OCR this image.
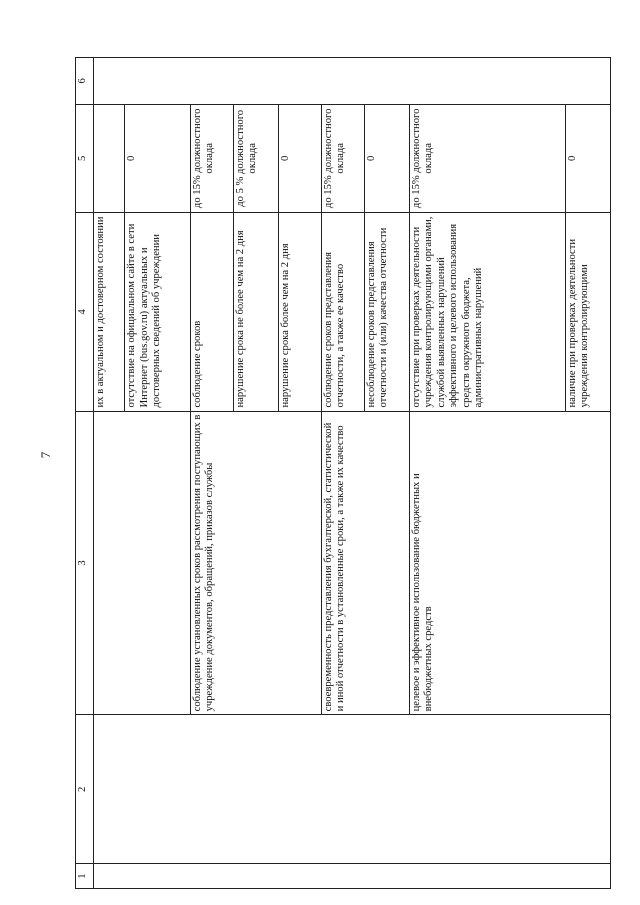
7
1	2	3	4	5	6
			их в актуальном и достоверном состоянии		
			отсутствие на официальном сайте в сети Интернет (bus.gov.ru) актуальных и достоверных сведений об учреждении	0	
		соблюдение установленных сроков рассмотрения поступающих в учреждение документов, обращений, приказов службы	соблюдение сроков	до 15% должностного оклада	
			нарушение срока не более чем на 2 дня	до 5 % должностного оклада	
			нарушение срока более чем на 2 дня	0	
		своевременность представления бухгалтерской, статистической и иной отчетности в установленные сроки, а также их качество	соблюдение сроков представления отчетности, а также ее качество	до 15% должностного оклада	
			несоблюдение сроков представления отчетности и (или) качества отчетности	0	
		целевое и эффективное использование бюджетных и внебюджетных средств	отсутствие при проверках деятельности учреждения контролирующими органами, службой выявленных нарушений эффективного и целевого использования средств окружного бюджета, административных нарушений	до 15% должностного оклада	
			наличие при проверках деятельности учреждения контролирующими	0	
